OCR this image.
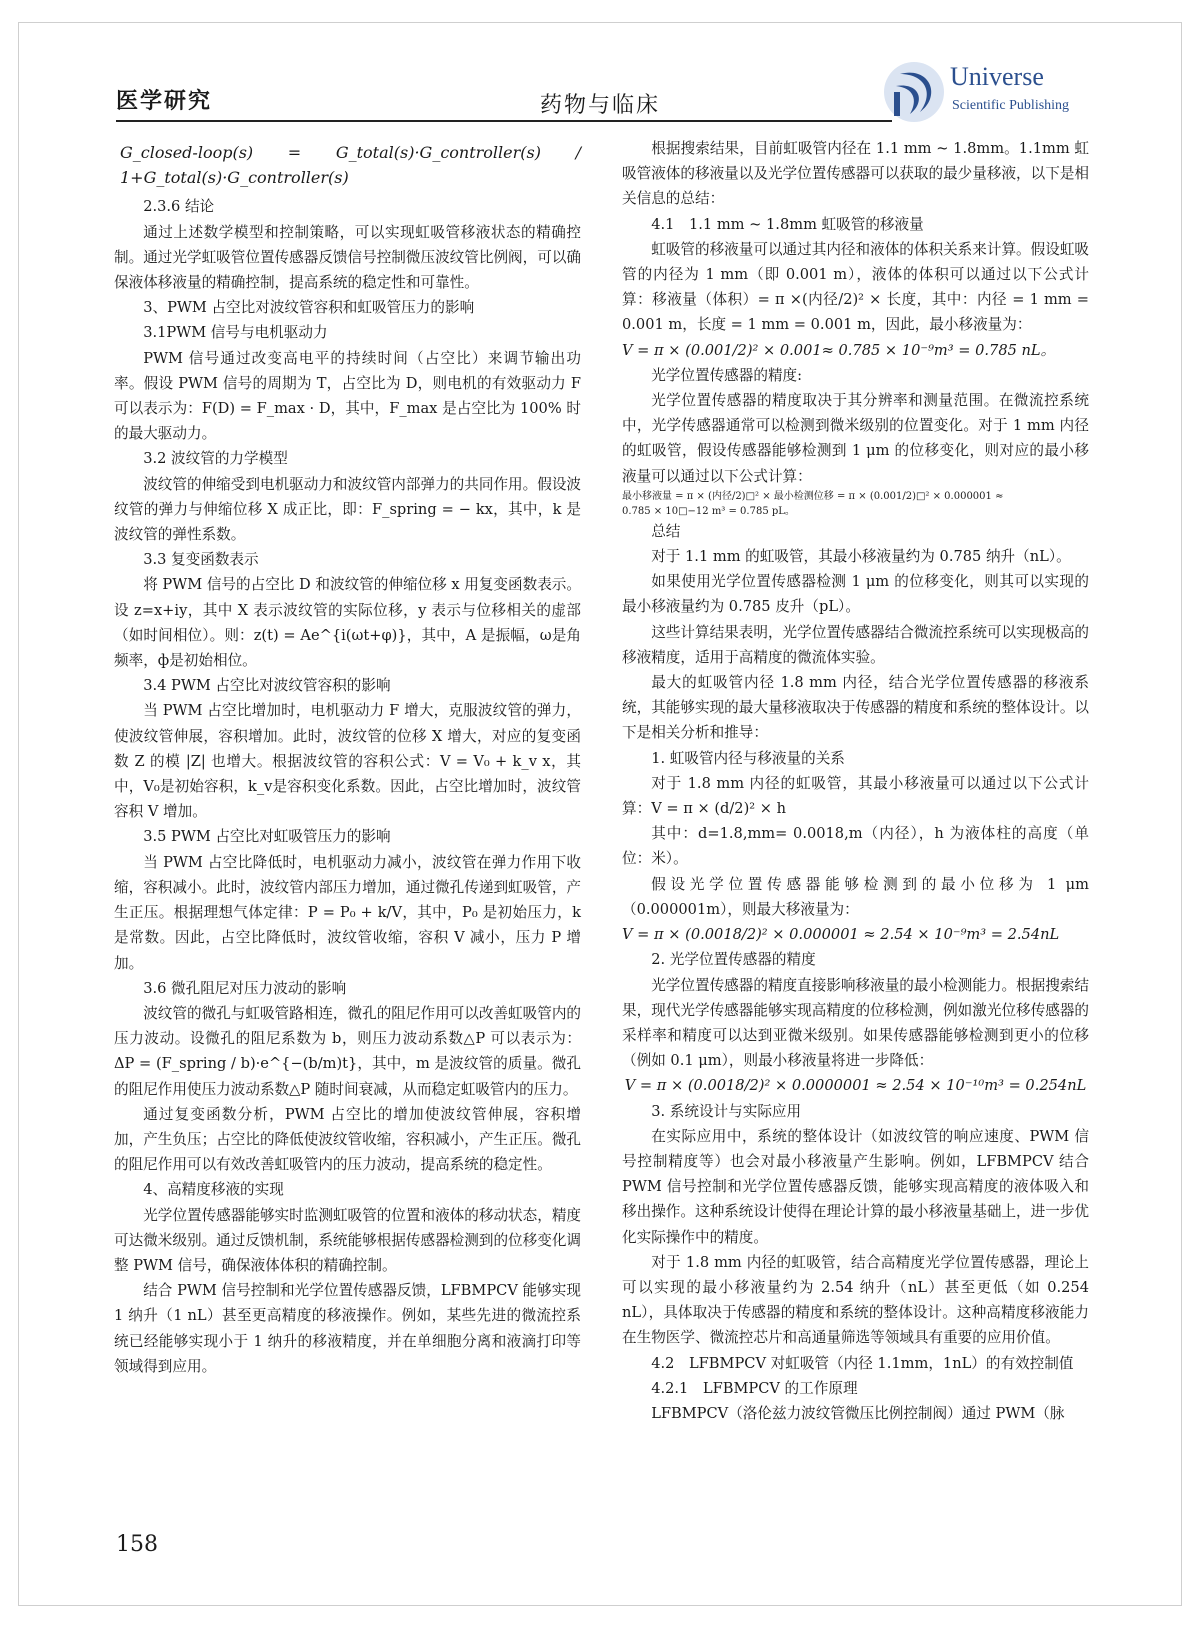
医学研究	药物与临床
Universe
Scientific Publishing

G_closed-loop(s) = G_total(s)·G_controller(s) / 1+G_total(s)·G_controller(s)

2.3.6 结论

通过上述数学模型和控制策略，可以实现虹吸管移液状态的精确控制。通过光学虹吸管位置传感器反馈信号控制微压波纹管比例阀，可以确保液体移液量的精确控制，提高系统的稳定性和可靠性。

3、PWM 占空比对波纹管容积和虹吸管压力的影响

3.1PWM 信号与电机驱动力

PWM 信号通过改变高电平的持续时间（占空比）来调节输出功率。假设 PWM 信号的周期为 T，占空比为 D，则电机的有效驱动力 F 可以表示为：F(D) = F_max · D，其中，F_max 是占空比为 100% 时的最大驱动力。

3.2 波纹管的力学模型

波纹管的伸缩受到电机驱动力和波纹管内部弹力的共同作用。假设波纹管的弹力与伸缩位移 X 成正比，即：F_spring = − kx，其中，k 是波纹管的弹性系数。

3.3 复变函数表示

将 PWM 信号的占空比 D 和波纹管的伸缩位移 x 用复变函数表示。设 z=x+iy，其中 X 表示波纹管的实际位移，y 表示与位移相关的虚部（如时间相位）。则：z(t) = Ae^{i(ωt+φ)}，其中，A 是振幅，ω是角频率，ф是初始相位。

3.4 PWM 占空比对波纹管容积的影响

当 PWM 占空比增加时，电机驱动力 F 增大，克服波纹管的弹力，使波纹管伸展，容积增加。此时，波纹管的位移 X 增大，对应的复变函数 Z 的模 |Z| 也增大。根据波纹管的容积公式：V = V₀ + k_v x，其中，V₀是初始容积，k_v是容积变化系数。因此，占空比增加时，波纹管容积 V 增加。

3.5 PWM 占空比对虹吸管压力的影响

当 PWM 占空比降低时，电机驱动力减小，波纹管在弹力作用下收缩，容积减小。此时，波纹管内部压力增加，通过微孔传递到虹吸管，产生正压。根据理想气体定律：P = P₀ + k/V，其中，P₀ 是初始压力，k 是常数。因此，占空比降低时，波纹管收缩，容积 V 减小，压力 P 增加。

3.6 微孔阻尼对压力波动的影响

波纹管的微孔与虹吸管路相连，微孔的阻尼作用可以改善虹吸管内的压力波动。设微孔的阻尼系数为 b，则压力波动系数△P 可以表示为：ΔP = (F_spring / b)·e^{−(b/m)t}，其中，m 是波纹管的质量。微孔的阻尼作用使压力波动系数△P 随时间衰减，从而稳定虹吸管内的压力。

通过复变函数分析，PWM 占空比的增加使波纹管伸展，容积增加，产生负压；占空比的降低使波纹管收缩，容积减小，产生正压。微孔的阻尼作用可以有效改善虹吸管内的压力波动，提高系统的稳定性。

4、高精度移液的实现

光学位置传感器能够实时监测虹吸管的位置和液体的移动状态，精度可达微米级别。通过反馈机制，系统能够根据传感器检测到的位移变化调整 PWM 信号，确保液体体积的精确控制。

结合 PWM 信号控制和光学位置传感器反馈，LFBMPCV 能够实现 1 纳升（1 nL）甚至更高精度的移液操作。例如，某些先进的微流控系统已经能够实现小于 1 纳升的移液精度，并在单细胞分离和液滴打印等领域得到应用。

根据搜索结果，目前虹吸管内径在 1.1 mm ~ 1.8mm。1.1mm 虹吸管液体的移液量以及光学位置传感器可以获取的最少量移液，以下是相关信息的总结：

4.1　1.1 mm ~ 1.8mm 虹吸管的移液量

虹吸管的移液量可以通过其内径和液体的体积关系来计算。假设虹吸管的内径为 1 mm（即 0.001 m），液体的体积可以通过以下公式计算：移液量（体积）= π ×(内径/2)² × 长度，其中：内径 = 1 mm = 0.001 m，长度 = 1 mm = 0.001 m，因此，最小移液量为：

V = π × (0.001/2)² × 0.001≈ 0.785 × 10⁻⁹m³ = 0.785 nL。

光学位置传感器的精度:

光学位置传感器的精度取决于其分辨率和测量范围。在微流控系统中，光学传感器通常可以检测到微米级别的位置变化。对于 1 mm 内径的虹吸管，假设传感器能够检测到 1 μm 的位移变化，则对应的最小移液量可以通过以下公式计算：

最小移液量 = π × (内径/2)□² × 最小检测位移 = π × (0.001/2)□² × 0.000001 ≈

0.785 × 10□−12 m³ = 0.785 pL。

总结

对于 1.1 mm 的虹吸管，其最小移液量约为 0.785 纳升（nL）。

如果使用光学位置传感器检测 1 μm 的位移变化，则其可以实现的最小移液量约为 0.785 皮升（pL）。

这些计算结果表明，光学位置传感器结合微流控系统可以实现极高的移液精度，适用于高精度的微流体实验。

最大的虹吸管内径 1.8 mm 内径，结合光学位置传感器的移液系统，其能够实现的最大量移液取决于传感器的精度和系统的整体设计。以下是相关分析和推导：

1. 虹吸管内径与移液量的关系

对于 1.8 mm 内径的虹吸管，其最小移液量可以通过以下公式计算：V = π × (d/2)² × h

其中：d=1.8,mm= 0.0018,m（内径），h 为液体柱的高度（单位：米）。

假设光学位置传感器能够检测到的最小位移为 1 μm（0.000001m），则最大移液量为：

V = π × (0.0018/2)² × 0.000001 ≈ 2.54 × 10⁻⁹m³ = 2.54nL

2. 光学位置传感器的精度

光学位置传感器的精度直接影响移液量的最小检测能力。根据搜索结果，现代光学传感器能够实现高精度的位移检测，例如激光位移传感器的采样率和精度可以达到亚微米级别。如果传感器能够检测到更小的位移（例如 0.1 μm），则最小移液量将进一步降低：

V = π × (0.0018/2)² × 0.0000001 ≈ 2.54 × 10⁻¹⁰m³ = 0.254nL

3. 系统设计与实际应用

在实际应用中，系统的整体设计（如波纹管的响应速度、PWM 信号控制精度等）也会对最小移液量产生影响。例如，LFBMPCV 结合 PWM 信号控制和光学位置传感器反馈，能够实现高精度的液体吸入和移出操作。这种系统设计使得在理论计算的最小移液量基础上，进一步优化实际操作中的精度。

对于 1.8 mm 内径的虹吸管，结合高精度光学位置传感器，理论上可以实现的最小移液量约为 2.54 纳升（nL）甚至更低（如 0.254 nL），具体取决于传感器的精度和系统的整体设计。这种高精度移液能力在生物医学、微流控芯片和高通量筛选等领域具有重要的应用价值。

4.2　LFBMPCV 对虹吸管（内径 1.1mm，1nL）的有效控制值

4.2.1　LFBMPCV 的工作原理

LFBMPCV（洛伦兹力波纹管微压比例控制阀）通过 PWM（脉

158
